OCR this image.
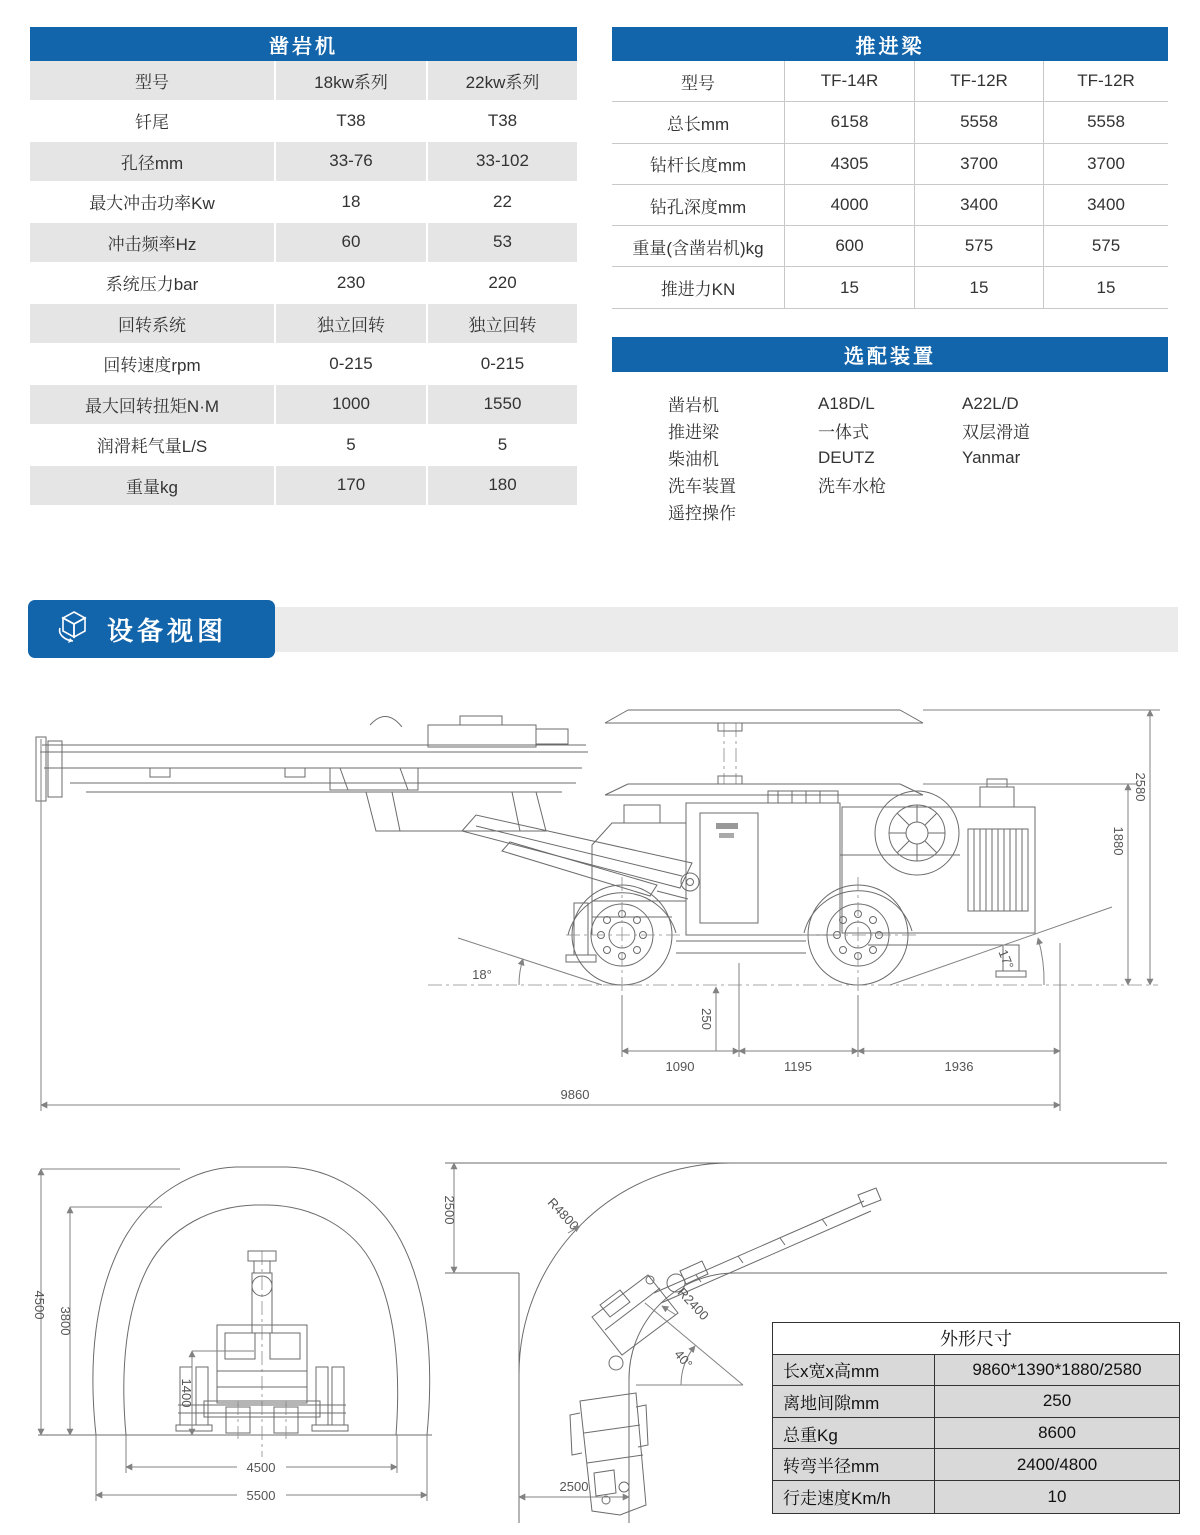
凿岩机
型号	18kw系列	22kw系列
钎尾	T38	T38
孔径mm	33-76	33-102
最大冲击功率Kw	18	22
冲击频率Hz	60	53
系统压力bar	230	220
回转系统	独立回转	独立回转
回转速度rpm	0-215	0-215
最大回转扭矩N·M	1000	1550
润滑耗气量L/S	5	5
重量kg	170	180
推进梁
型号	TF-14R	TF-12R	TF-12R
总长mm	6158	5558	5558
钻杆长度mm	4305	3700	3700
钻孔深度mm	4000	3400	3400
重量(含凿岩机)kg	600	575	575
推进力KN	15	15	15
选配装置
凿岩机	A18D/L	A22L/D
推进梁	一体式	双层滑道
柴油机	DEUTZ	Yanmar
洗车装置	洗车水枪
遥控操作
设备视图
18°
17°
250
1090	1195	1936
9860
2580
1880
4500
3800
1400
4500
5500
2500
2500
R4800
R2400
40°
外形尺寸
长x宽x高mm	9860*1390*1880/2580
离地间隙mm	250
总重Kg	8600
转弯半径mm	2400/4800
行走速度Km/h	10
